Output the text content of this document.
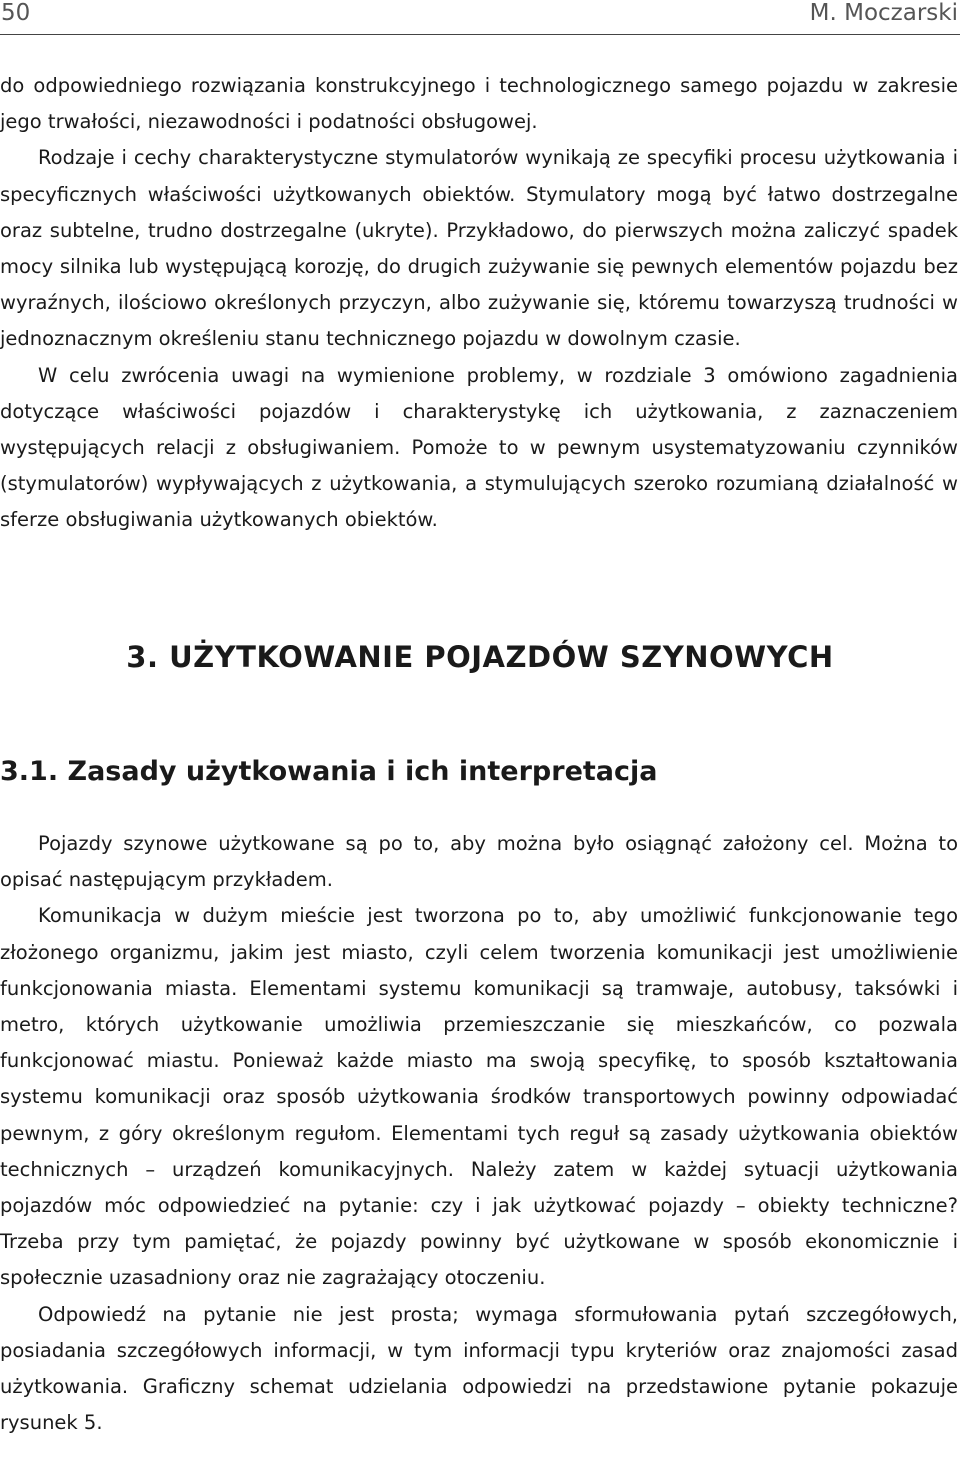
50	M. Moczarski

do odpowiedniego rozwiązania konstrukcyjnego i technologicznego samego pojazdu w zakresie jego trwałości, niezawodności i podatności obsługowej.

Rodzaje i cechy charakterystyczne stymulatorów wynikają ze specyfiki procesu użytkowania i specyficznych właściwości użytkowanych obiektów. Stymulatory mogą być łatwo dostrzegalne oraz subtelne, trudno dostrzegalne (ukryte). Przykładowo, do pierwszych można zaliczyć spadek mocy silnika lub występującą korozję, do drugich zużywanie się pewnych elementów pojazdu bez wyraźnych, ilościowo określonych przyczyn, albo zużywanie się, któremu towarzyszą trudności w jednoznacznym określeniu stanu technicznego pojazdu w dowolnym czasie.

W celu zwrócenia uwagi na wymienione problemy, w rozdziale 3 omówiono zagadnienia dotyczące właściwości pojazdów i charakterystykę ich użytkowania, z zaznaczeniem występujących relacji z obsługiwaniem. Pomoże to w pewnym usystematyzowaniu czynników (stymulatorów) wypływających z użytkowania, a stymulujących szeroko rozumianą działalność w sferze obsługiwania użytkowanych obiektów.

3. UŻYTKOWANIE POJAZDÓW SZYNOWYCH
3.1. Zasady użytkowania i ich interpretacja

Pojazdy szynowe użytkowane są po to, aby można było osiągnąć założony cel. Można to opisać następującym przykładem.

Komunikacja w dużym mieście jest tworzona po to, aby umożliwić funkcjonowanie tego złożonego organizmu, jakim jest miasto, czyli celem tworzenia komunikacji jest umożliwienie funkcjonowania miasta. Elementami systemu komunikacji są tramwaje, autobusy, taksówki i metro, których użytkowanie umożliwia przemieszczanie się mieszkańców, co pozwala funkcjonować miastu. Ponieważ każde miasto ma swoją specyfikę, to sposób kształtowania systemu komunikacji oraz sposób użytkowania środków transportowych powinny odpowiadać pewnym, z góry określonym regułom. Elementami tych reguł są zasady użytkowania obiektów technicznych – urządzeń komunikacyjnych. Należy zatem w każdej sytuacji użytkowania pojazdów móc odpowiedzieć na pytanie: czy i jak użytkować pojazdy – obiekty techniczne? Trzeba przy tym pamiętać, że pojazdy powinny być użytkowane w sposób ekonomicznie i społecznie uzasadniony oraz nie zagrażający otoczeniu.

Odpowiedź na pytanie nie jest prosta; wymaga sformułowania pytań szczegółowych, posiadania szczegółowych informacji, w tym informacji typu kryteriów oraz znajomości zasad użytkowania. Graficzny schemat udzielania odpowiedzi na przedstawione pytanie pokazuje rysunek 5.
